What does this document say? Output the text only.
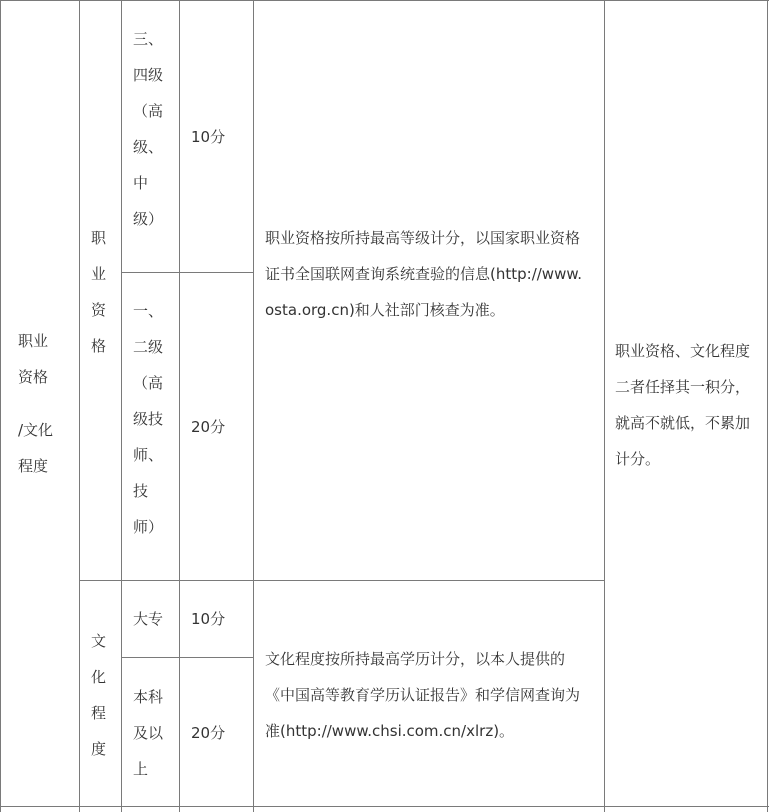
职业
资格
/文化
程度
职
业
资
格
三、
四级
（高
级、
中
级）
10分
一、
二级
（高
级技
师、
技
师）
20分
职业资格按所持最高等级计分，以国家职业资格证书全国联网查询系统查验的信息(http://www.osta.org.cn)和人社部门核查为准。
文
化
程
度
大专 10分
本科
及以
上
20分
文化程度按所持最高学历计分，以本人提供的《中国高等教育学历认证报告》和学信网查询为准(http://www.chsi.com.cn/xlrz)。
职业资格、文化程度二者任择其一积分，就高不就低，不累加计分。
